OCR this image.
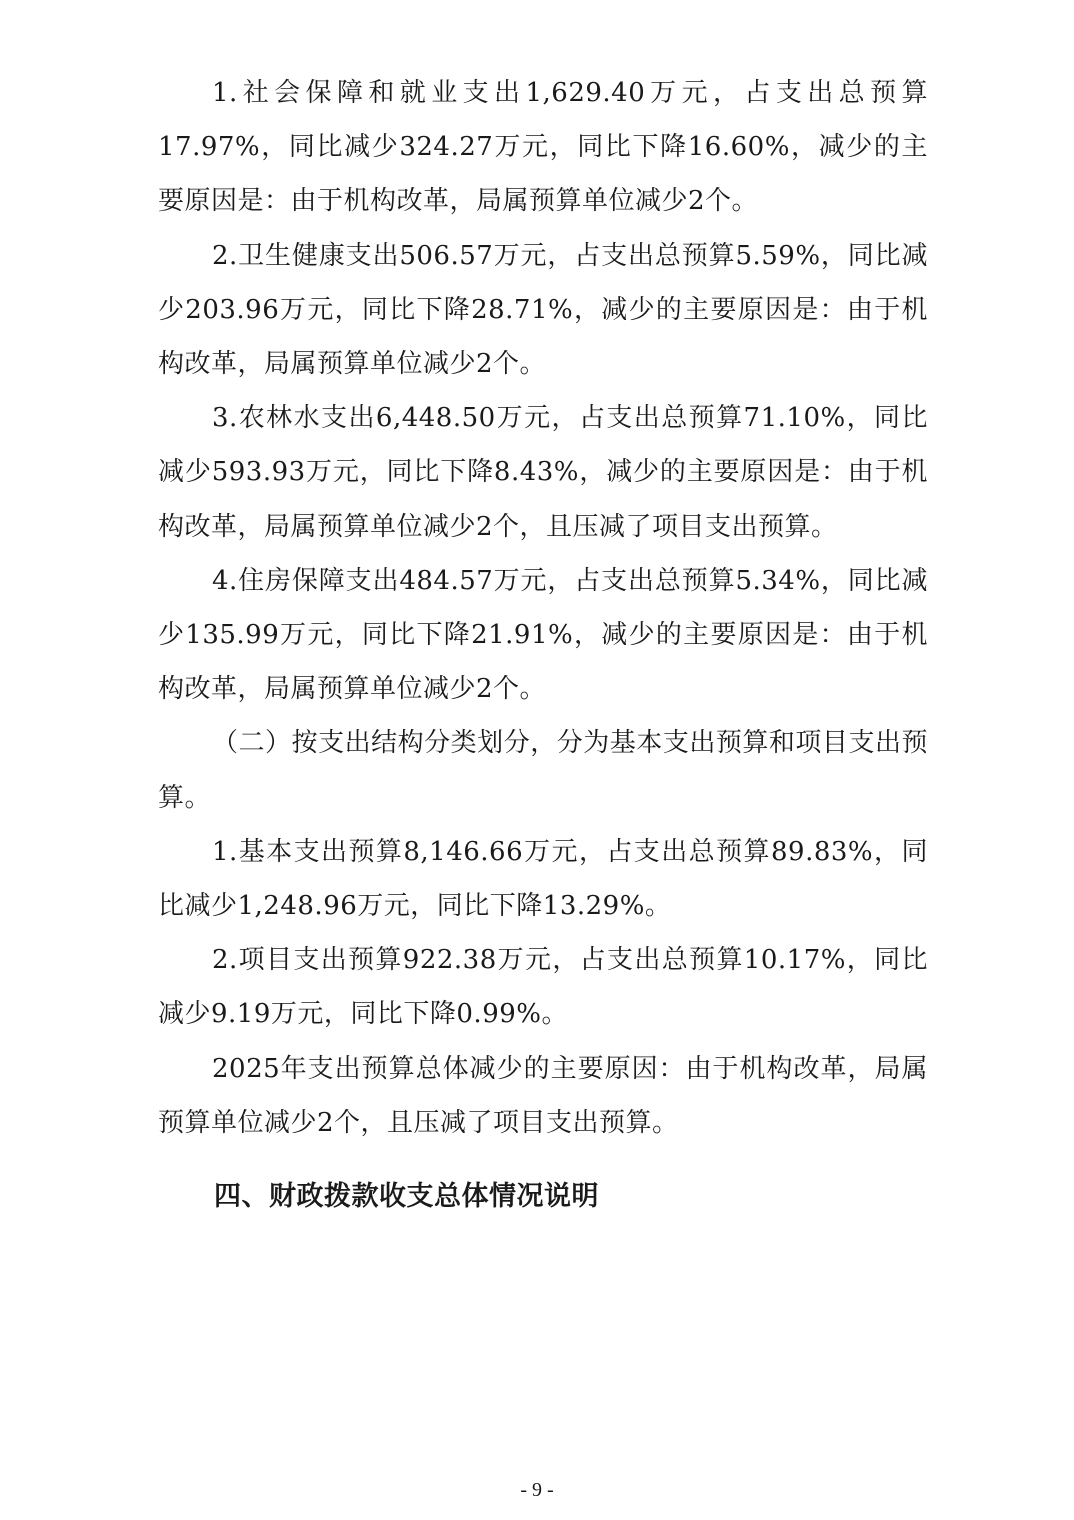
1.社会保障和就业支出1,629.40万元，占支出总预算17.97%，同比减少324.27万元，同比下降16.60%，减少的主要原因是：由于机构改革，局属预算单位减少2个。

2.卫生健康支出506.57万元，占支出总预算5.59%，同比减少203.96万元，同比下降28.71%，减少的主要原因是：由于机构改革，局属预算单位减少2个。

3.农林水支出6,448.50万元，占支出总预算71.10%，同比减少593.93万元，同比下降8.43%，减少的主要原因是：由于机构改革，局属预算单位减少2个，且压减了项目支出预算。

4.住房保障支出484.57万元，占支出总预算5.34%，同比减少135.99万元，同比下降21.91%，减少的主要原因是：由于机构改革，局属预算单位减少2个。

（二）按支出结构分类划分，分为基本支出预算和项目支出预算。

1.基本支出预算8,146.66万元，占支出总预算89.83%，同比减少1,248.96万元，同比下降13.29%。

2.项目支出预算922.38万元，占支出总预算10.17%，同比减少9.19万元，同比下降0.99%。

2025年支出预算总体减少的主要原因：由于机构改革，局属预算单位减少2个，且压减了项目支出预算。

四、财政拨款收支总体情况说明
- 9 -
